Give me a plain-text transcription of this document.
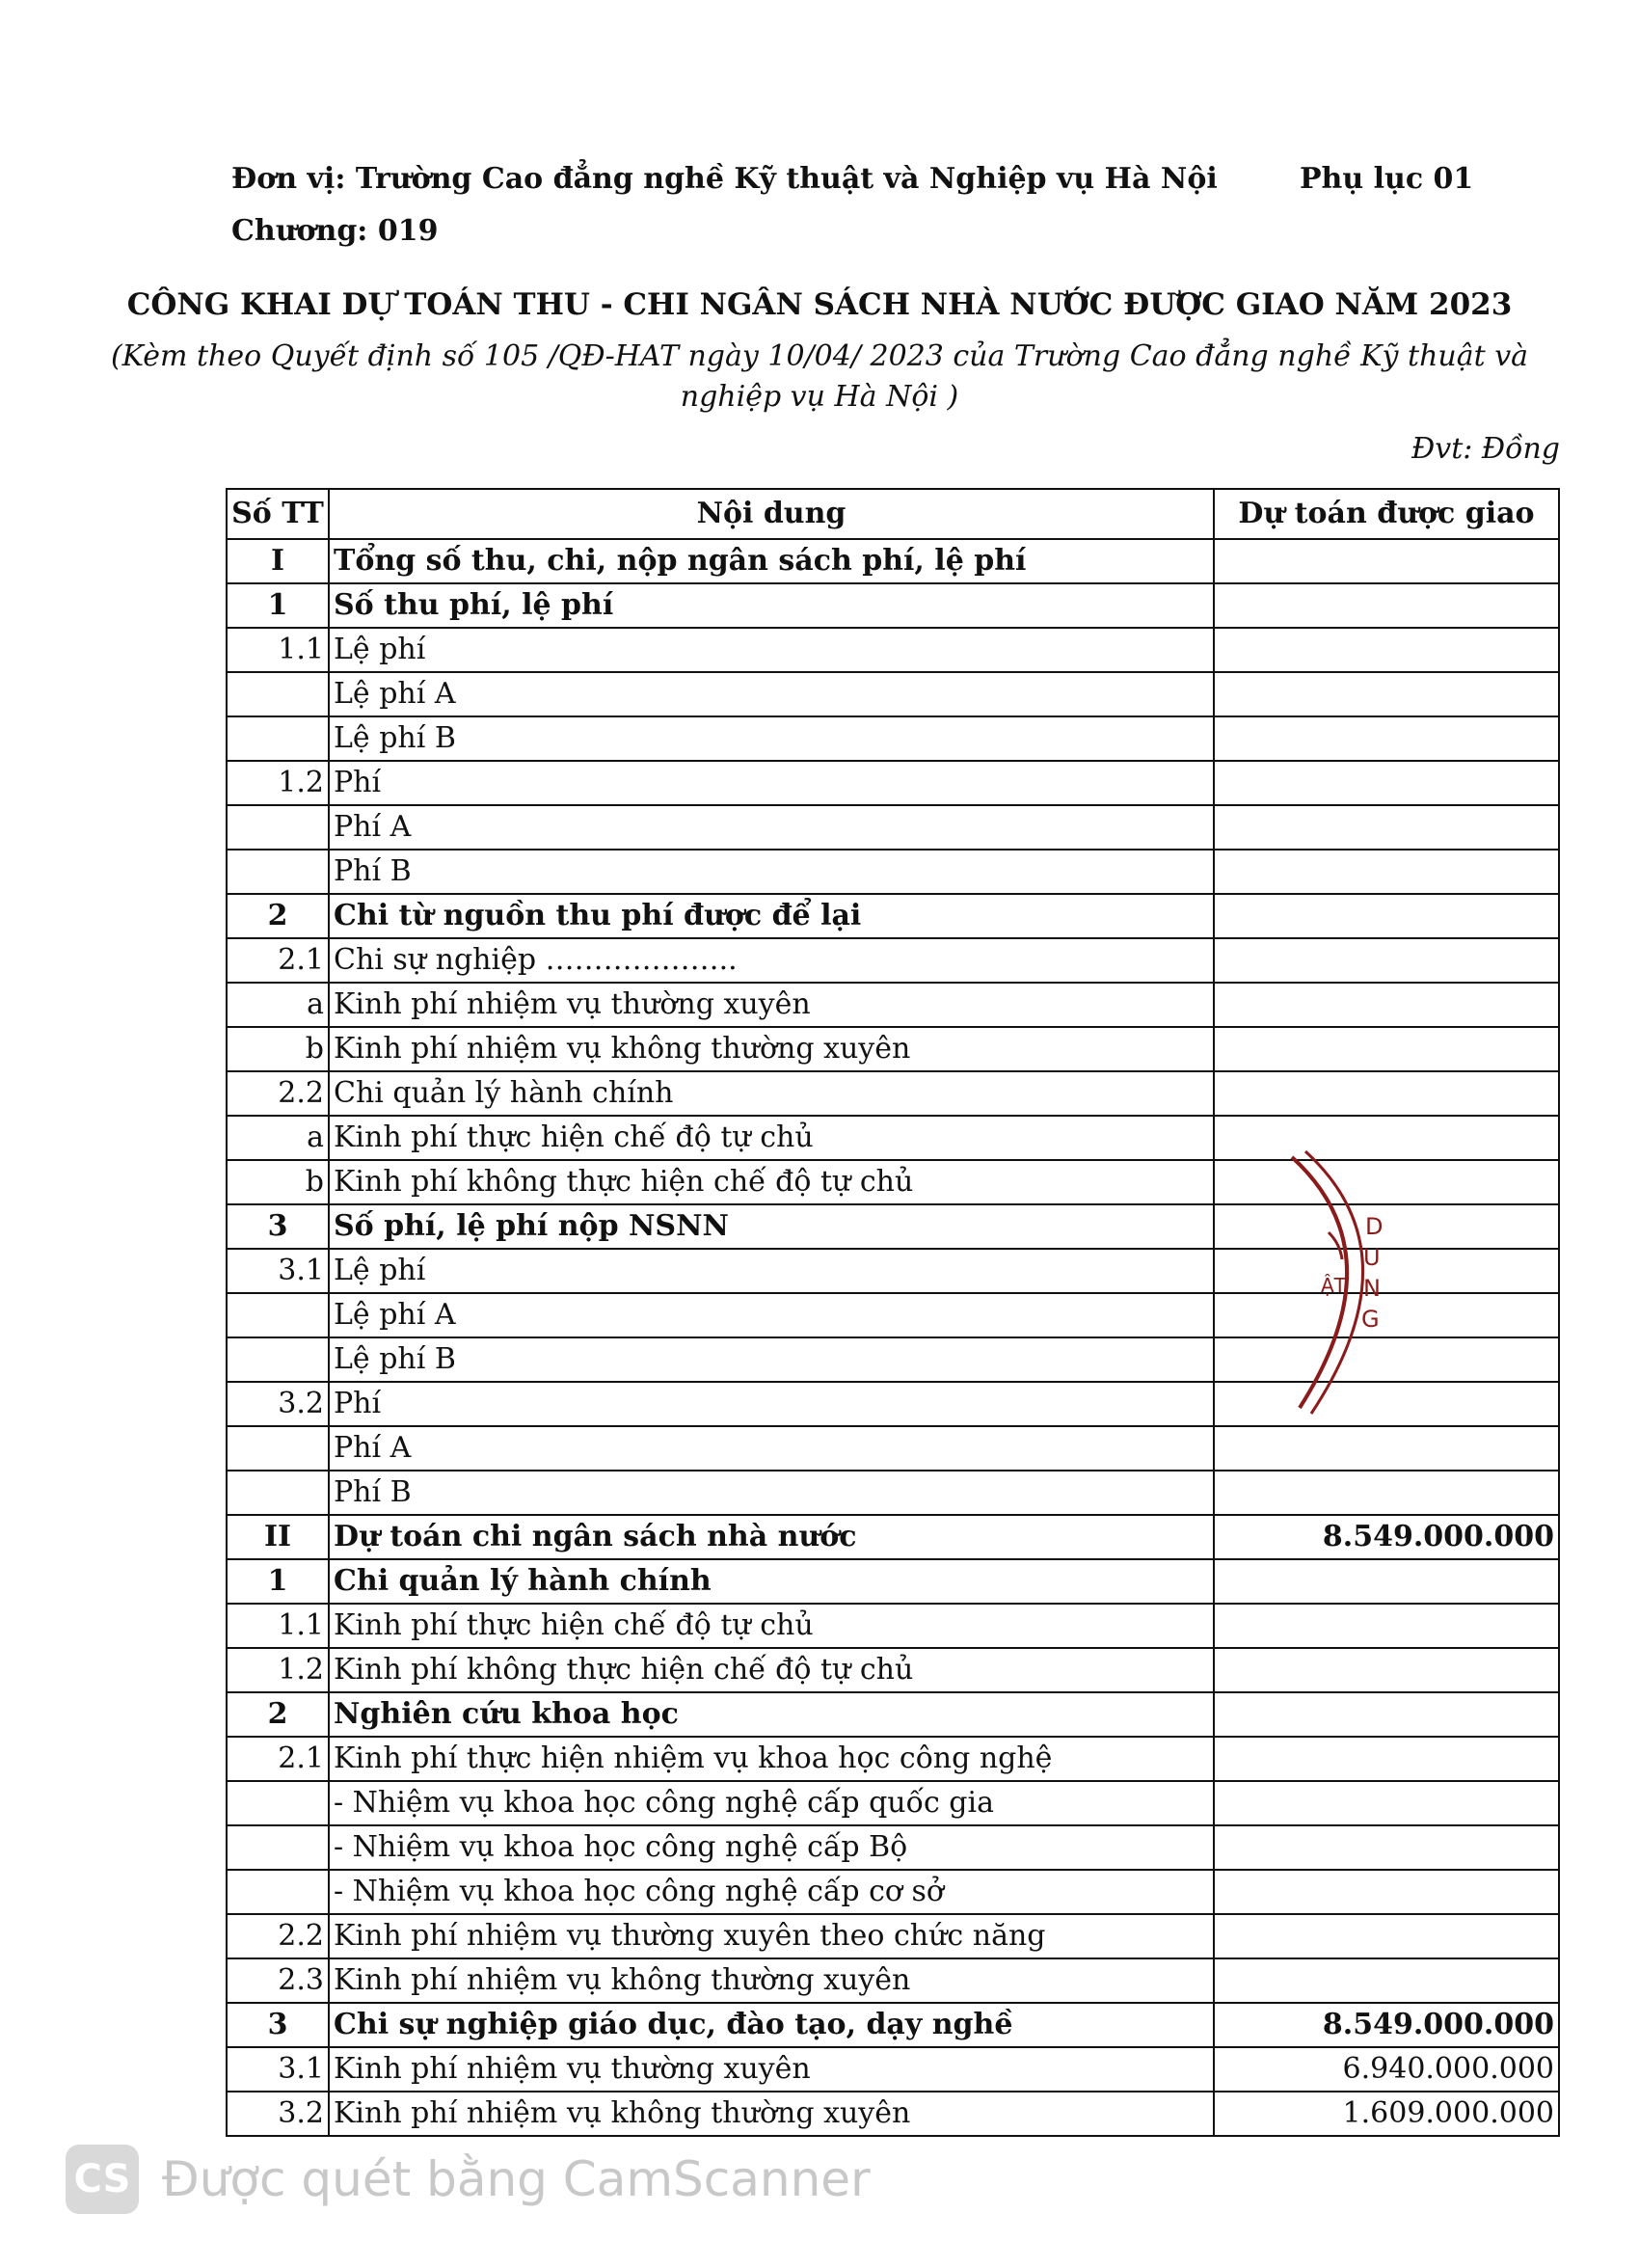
Đơn vị: Trường Cao đẳng nghề Kỹ thuật và Nghiệp vụ Hà Nội	Phụ lục 01
Chương: 019
CÔNG KHAI DỰ TOÁN THU - CHI NGÂN SÁCH NHÀ NƯỚC ĐƯỢC GIAO NĂM 2023
(Kèm theo Quyết định số 105 /QĐ-HAT ngày 10/04/ 2023 của Trường Cao đẳng nghề Kỹ thuật và
nghiệp vụ Hà Nội )
Đvt: Đồng
Số TT	Nội dung	Dự toán được giao
I	Tổng số thu, chi, nộp ngân sách phí, lệ phí	
1	Số thu phí, lệ phí	
1.1	Lệ phí	
	Lệ phí A	
	Lệ phí B	
1.2	Phí	
	Phí A	
	Phí B	
2	Chi từ nguồn thu phí được để lại	
2.1	Chi sự nghiệp ………………..	
a	Kinh phí nhiệm vụ thường xuyên	
b	Kinh phí nhiệm vụ không thường xuyên	
2.2	Chi quản lý hành chính	
a	Kinh phí thực hiện chế độ tự chủ	
b	Kinh phí không thực hiện chế độ tự chủ	
3	Số phí, lệ phí nộp NSNN	
3.1	Lệ phí	
	Lệ phí A	
	Lệ phí B	
3.2	Phí	
	Phí A	
	Phí B	
II	Dự toán chi ngân sách nhà nước	8.549.000.000
1	Chi quản lý hành chính	
1.1	Kinh phí thực hiện chế độ tự chủ	
1.2	Kinh phí không thực hiện chế độ tự chủ	
2	Nghiên cứu khoa học	
2.1	Kinh phí thực hiện nhiệm vụ khoa học công nghệ	
	- Nhiệm vụ khoa học công nghệ cấp quốc gia	
	- Nhiệm vụ khoa học công nghệ cấp Bộ	
	- Nhiệm vụ khoa học công nghệ cấp cơ sở	
2.2	Kinh phí nhiệm vụ thường xuyên theo chức năng	
2.3	Kinh phí nhiệm vụ không thường xuyên	
3	Chi sự nghiệp giáo dục, đào tạo, dạy nghề	8.549.000.000
3.1	Kinh phí nhiệm vụ thường xuyên	6.940.000.000
3.2	Kinh phí nhiệm vụ không thường xuyên	1.609.000.000
D
U
N
G
ẬT
CS Được quét bằng CamScanner
